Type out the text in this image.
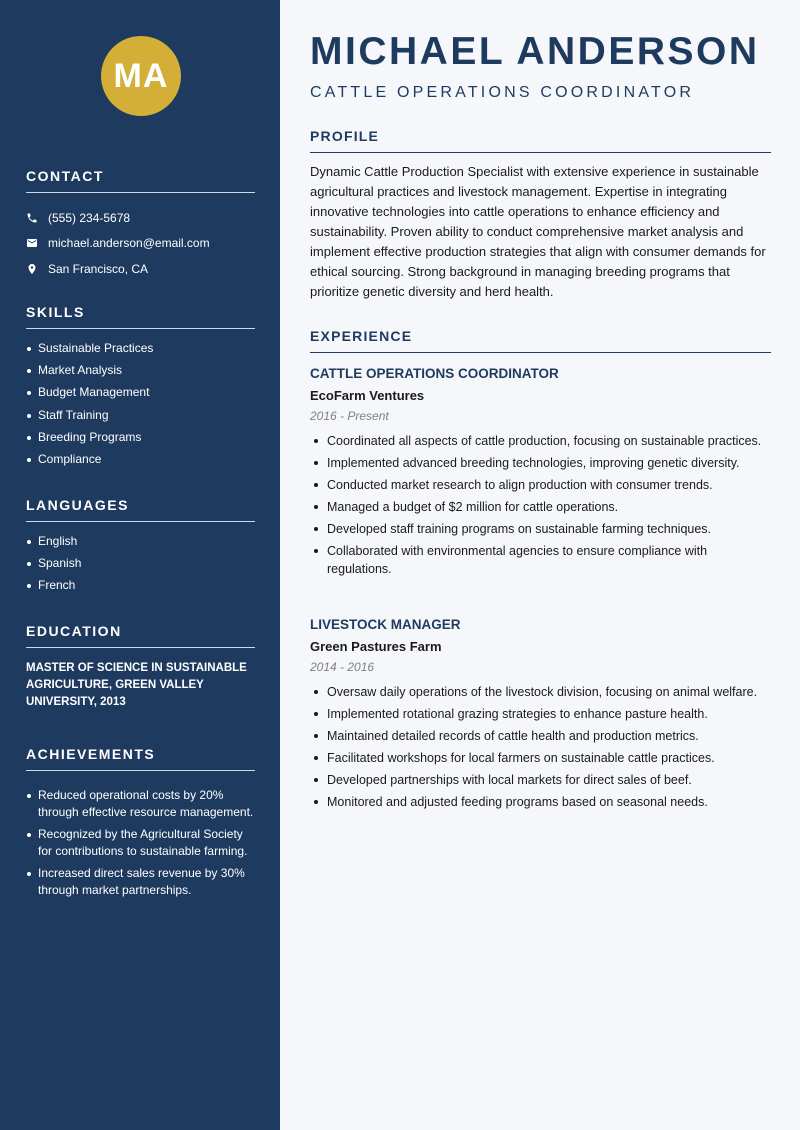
MA
CONTACT
(555) 234-5678
michael.anderson@email.com
San Francisco, CA
SKILLS
Sustainable Practices
Market Analysis
Budget Management
Staff Training
Breeding Programs
Compliance
LANGUAGES
English
Spanish
French
EDUCATION

MASTER OF SCIENCE IN SUSTAINABLE AGRICULTURE, GREEN VALLEY UNIVERSITY, 2013

ACHIEVEMENTS
Reduced operational costs by 20% through effective resource management.
Recognized by the Agricultural Society for contributions to sustainable farming.
Increased direct sales revenue by 30% through market partnerships.
MICHAEL ANDERSON
CATTLE OPERATIONS COORDINATOR
PROFILE

Dynamic Cattle Production Specialist with extensive experience in sustainable agricultural practices and livestock management. Expertise in integrating innovative technologies into cattle operations to enhance efficiency and sustainability. Proven ability to conduct comprehensive market analysis and implement effective production strategies that align with consumer demands for ethical sourcing. Strong background in managing breeding programs that prioritize genetic diversity and herd health.

EXPERIENCE
CATTLE OPERATIONS COORDINATOR
EcoFarm Ventures
2016 - Present
Coordinated all aspects of cattle production, focusing on sustainable practices.
Implemented advanced breeding technologies, improving genetic diversity.
Conducted market research to align production with consumer trends.
Managed a budget of $2 million for cattle operations.
Developed staff training programs on sustainable farming techniques.
Collaborated with environmental agencies to ensure compliance with regulations.
LIVESTOCK MANAGER
Green Pastures Farm
2014 - 2016
Oversaw daily operations of the livestock division, focusing on animal welfare.
Implemented rotational grazing strategies to enhance pasture health.
Maintained detailed records of cattle health and production metrics.
Facilitated workshops for local farmers on sustainable cattle practices.
Developed partnerships with local markets for direct sales of beef.
Monitored and adjusted feeding programs based on seasonal needs.
